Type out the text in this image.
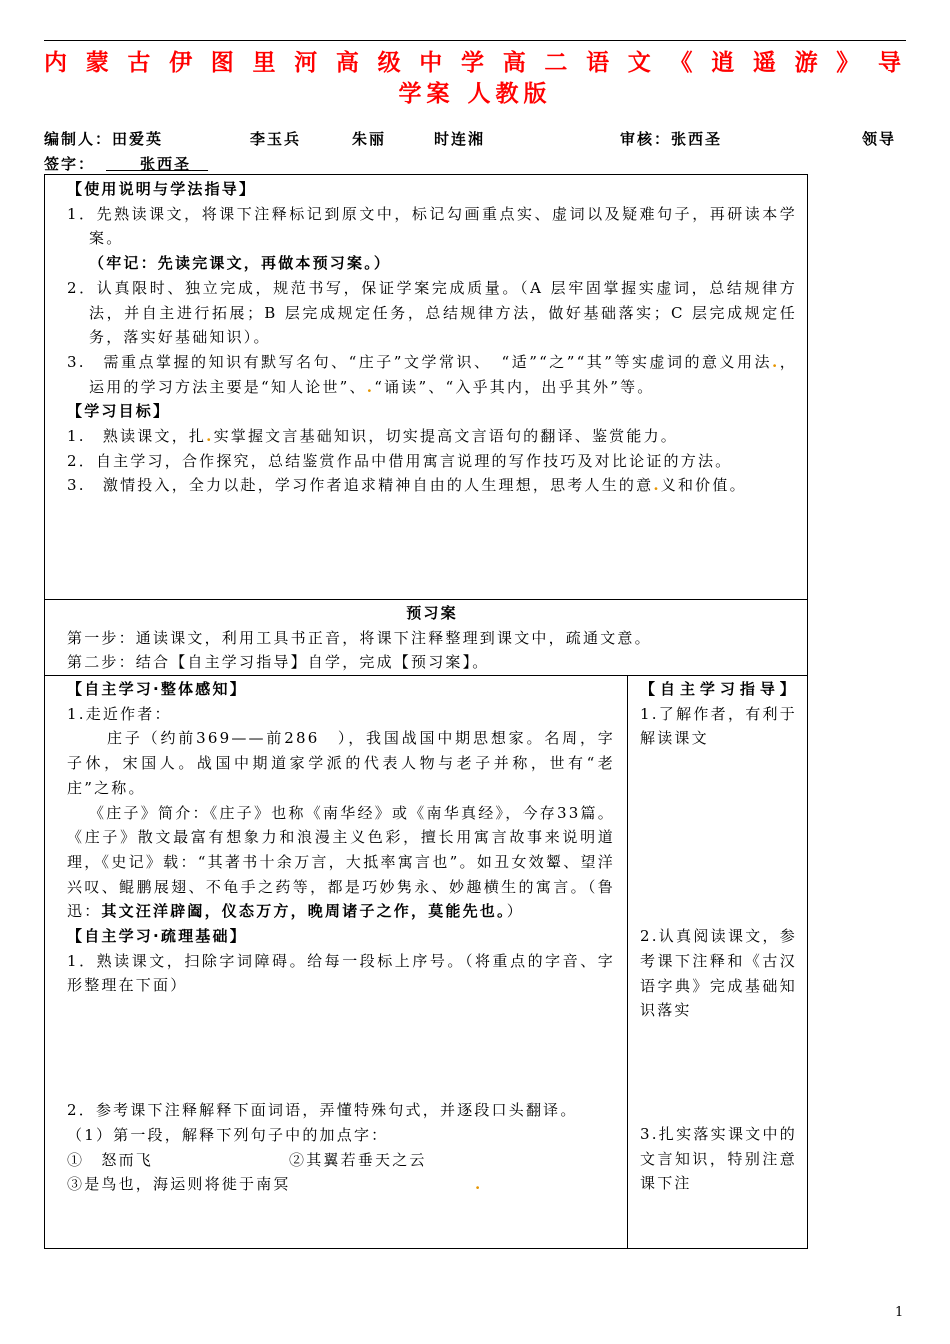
内蒙古伊图里河高级中学高二语文《逍遥游》导
学案 人教版
编制人：田爱英	李玉兵	朱丽	时连湘	审核：张西圣	领导
签字：
　　	张西圣　

【使用说明与学法指导】

1．先熟读课文，将课下注释标记到原文中，标记勾画重点实、虚词以及疑难句子，再研读本学案。

（牢记：先读完课文，再做本预习案。）

2．认真限时、独立完成，规范书写，保证学案完成质量。（A 层牢固掌握实虚词，总结规律方法，并自主进行拓展；B 层完成规定任务，总结规律方法，做好基础落实；C 层完成规定任务，落实好基础知识）。

3.　需重点掌握的知识有默写名句、“庄子”文学常识、　“适”“之”“其”等实虚词的意义用法.，运用的学习方法主要是“知人论世”、.“诵读”、“入乎其内，出乎其外”等。

【学习目标】

1.　熟读课文，扎.实掌握文言基础知识，切实提高文言语句的翻译、鉴赏能力。

2．自主学习，合作探究，总结鉴赏作品中借用寓言说理的写作技巧及对比论证的方法。

3.　激情投入，全力以赴，学习作者追求精神自由的人生理想，思考人生的意.义和价值。

预习案

第一步：通读课文，利用工具书正音，将课下注释整理到课文中，疏通文意。

第二步：结合【自主学习指导】自学，完成【预习案】。

【自主学习·整体感知】

1.走近作者：

庄子（约前369——前286　），我国战国中期思想家。名周，字子休，宋国人。战国中期道家学派的代表人物与老子并称，世有“老庄”之称。

《庄子》简介：《庄子》也称《南华经》或《南华真经》，今存33篇。《庄子》散文最富有想象力和浪漫主义色彩，擅长用寓言故事来说明道理，《史记》载：“其著书十余万言，大抵率寓言也”。如丑女效颦、望洋兴叹、鲲鹏展翅、不龟手之药等，都是巧妙隽永、妙趣横生的寓言。（鲁迅：其文汪洋辟阖，仪态万方，晚周诸子之作，莫能先也。）

【自主学习·疏理基础】

1．熟读课文，扫除字词障碍。给每一段标上序号。（将重点的字音、字形整理在下面）

2．参考课下注释解释下面词语，弄懂特殊句式，并逐段口头翻译。

（1）第一段，解释下列句子中的加点字：

①　怒而飞	②其翼若垂天之云

③是鸟也，海运则将徙于南冥	.

【自主学习指导】

1.了解作者，有利于解读课文

2.认真阅读课文，参考课下注释和《古汉语字典》完成基础知识落实

3.扎实落实课文中的文言知识，特别注意课下注

1
